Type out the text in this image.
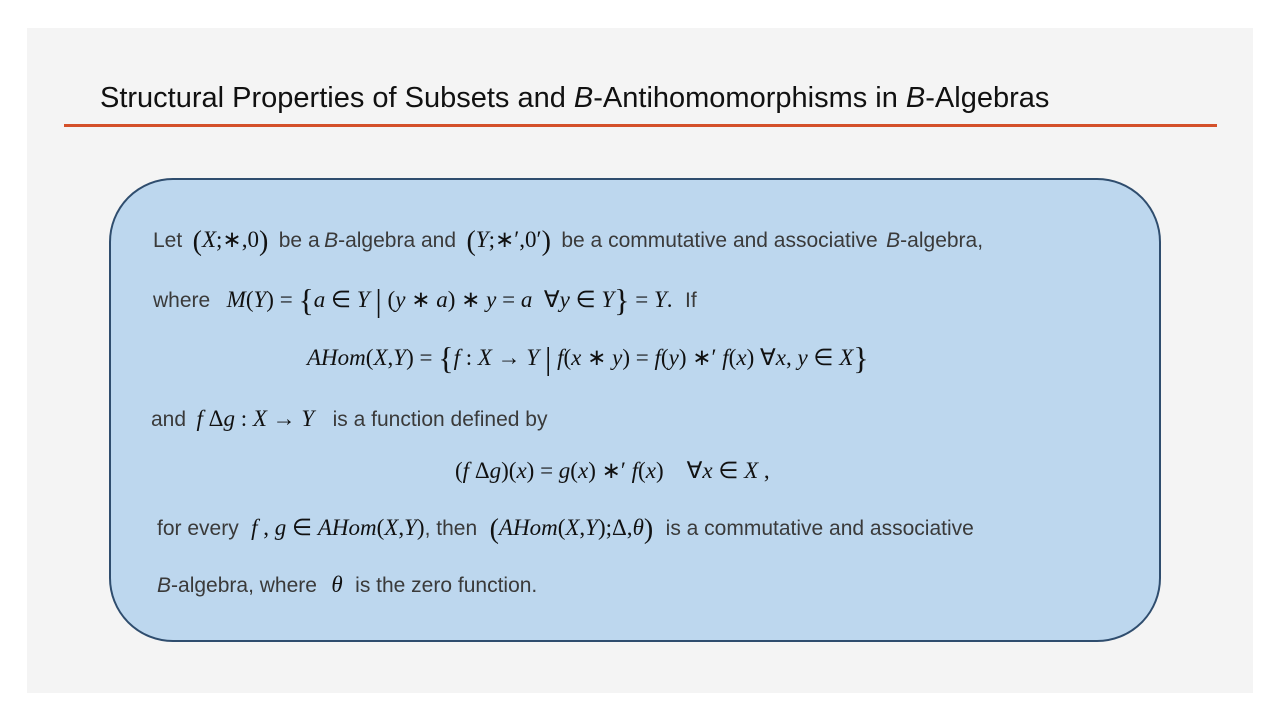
Structural Properties of Subsets and B-Antihomomorphisms in B-Algebras
Let (X;∗,0) be a B-algebra and (Y;∗′,0′) be a commutative and associative B-algebra,
where M(Y) = {a ∈ Y | (y ∗ a) ∗ y = a  ∀y ∈ Y} = Y. If
AHom(X,Y) = {f : X → Y | f(x ∗ y) = f(y) ∗′ f(x) ∀x, y ∈ X}
and f Δg : X → Y is a function defined by
(f Δg)(x) = g(x) ∗′ f(x)    ∀x ∈ X ,
for every f , g ∈ AHom(X,Y), then (AHom(X,Y);Δ,θ) is a commutative and associative
B-algebra, where θ is the zero function.
